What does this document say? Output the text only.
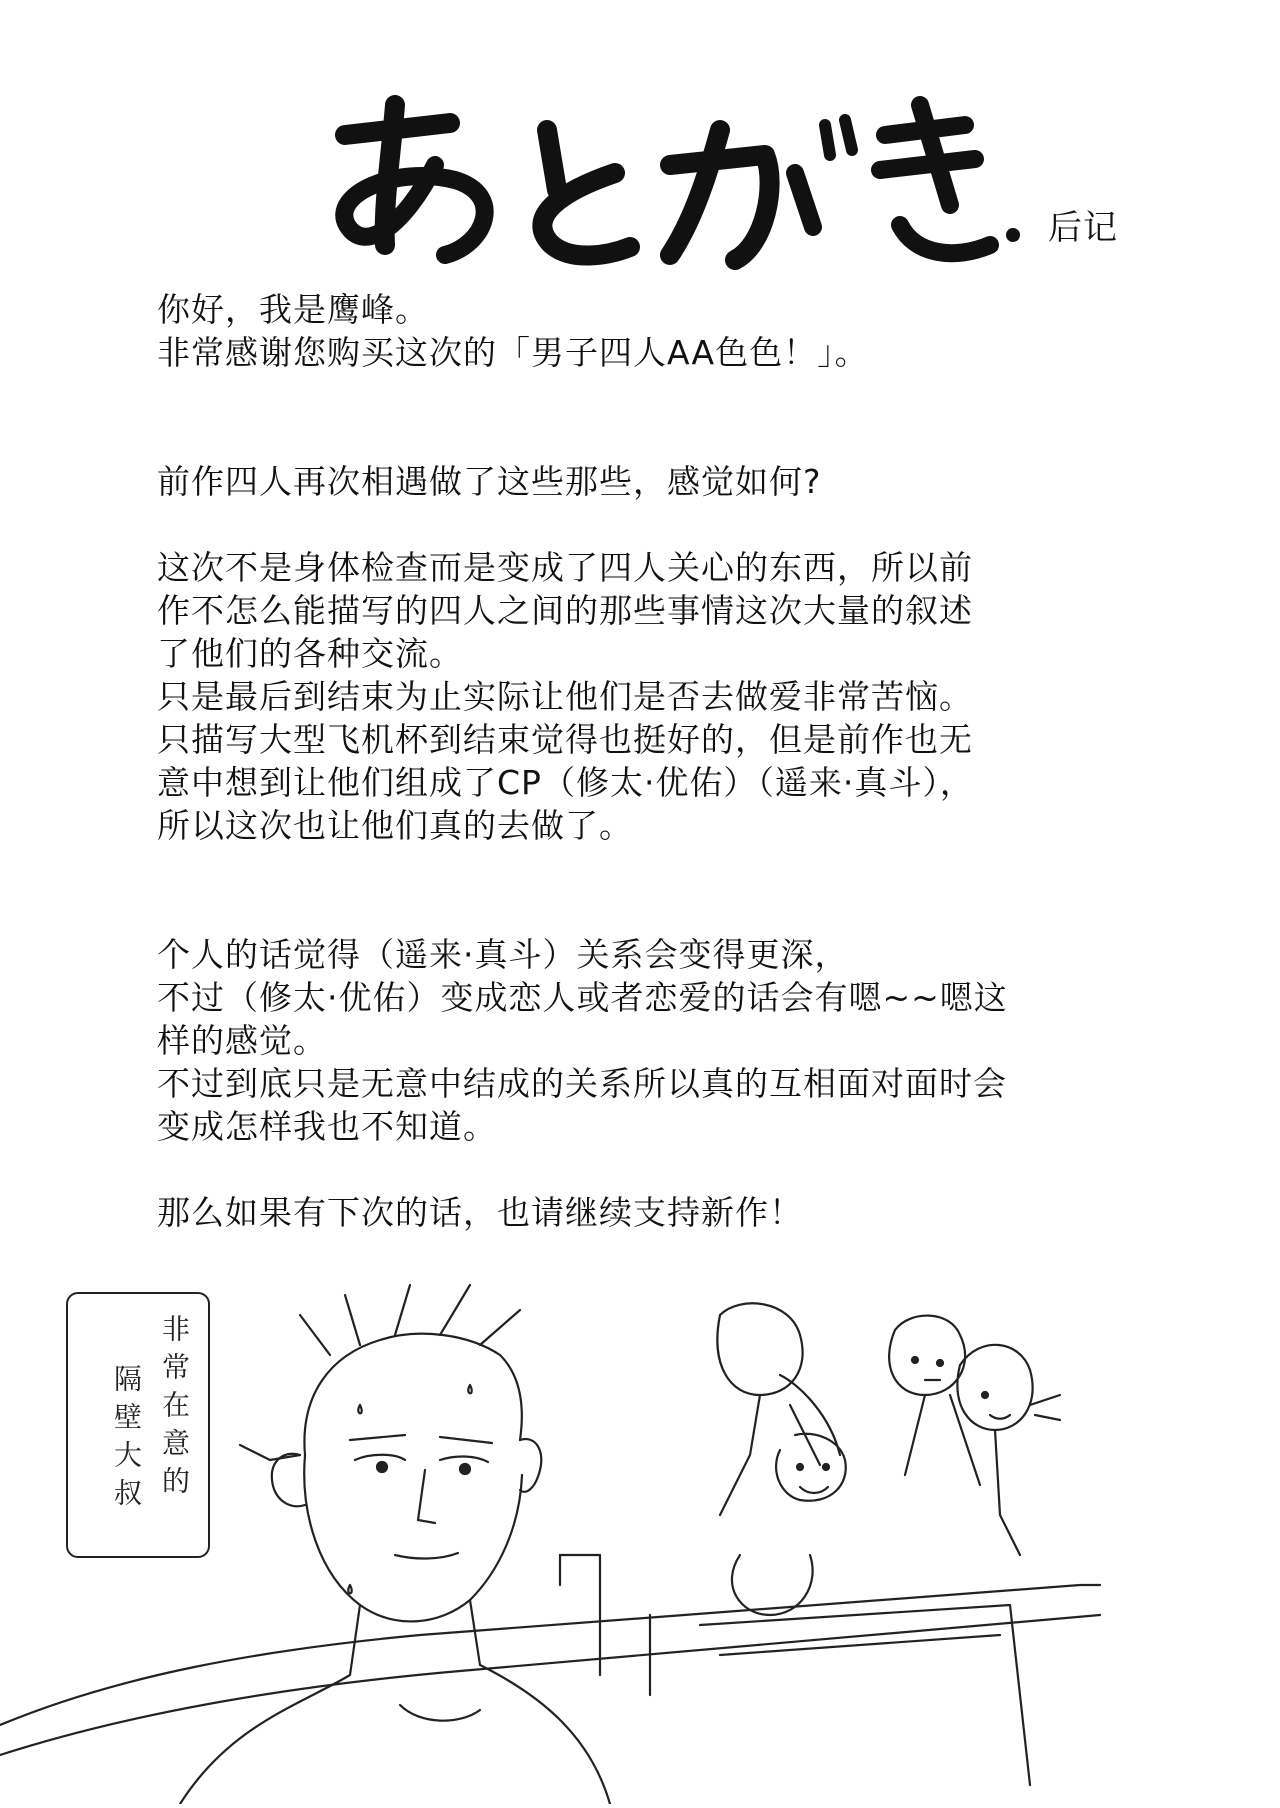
后记

你好，我是鹰峰。
非常感谢您购买这次的「男子四人AA色色！」。

前作四人再次相遇做了这些那些，感觉如何?

这次不是身体检查而是变成了四人关心的东西，所以前
作不怎么能描写的四人之间的那些事情这次大量的叙述
了他们的各种交流。
只是最后到结束为止实际让他们是否去做爱非常苦恼。
只描写大型飞机杯到结束觉得也挺好的，但是前作也无
意中想到让他们组成了CP（修太·优佑）（遥来·真斗），
所以这次也让他们真的去做了。

个人的话觉得（遥来·真斗）关系会变得更深，
不过（修太·优佑）变成恋人或者恋爱的话会有嗯~~嗯这
样的感觉。
不过到底只是无意中结成的关系所以真的互相面对面时会
变成怎样我也不知道。

那么如果有下次的话，也请继续支持新作！

非常在意的
隔壁大叔
